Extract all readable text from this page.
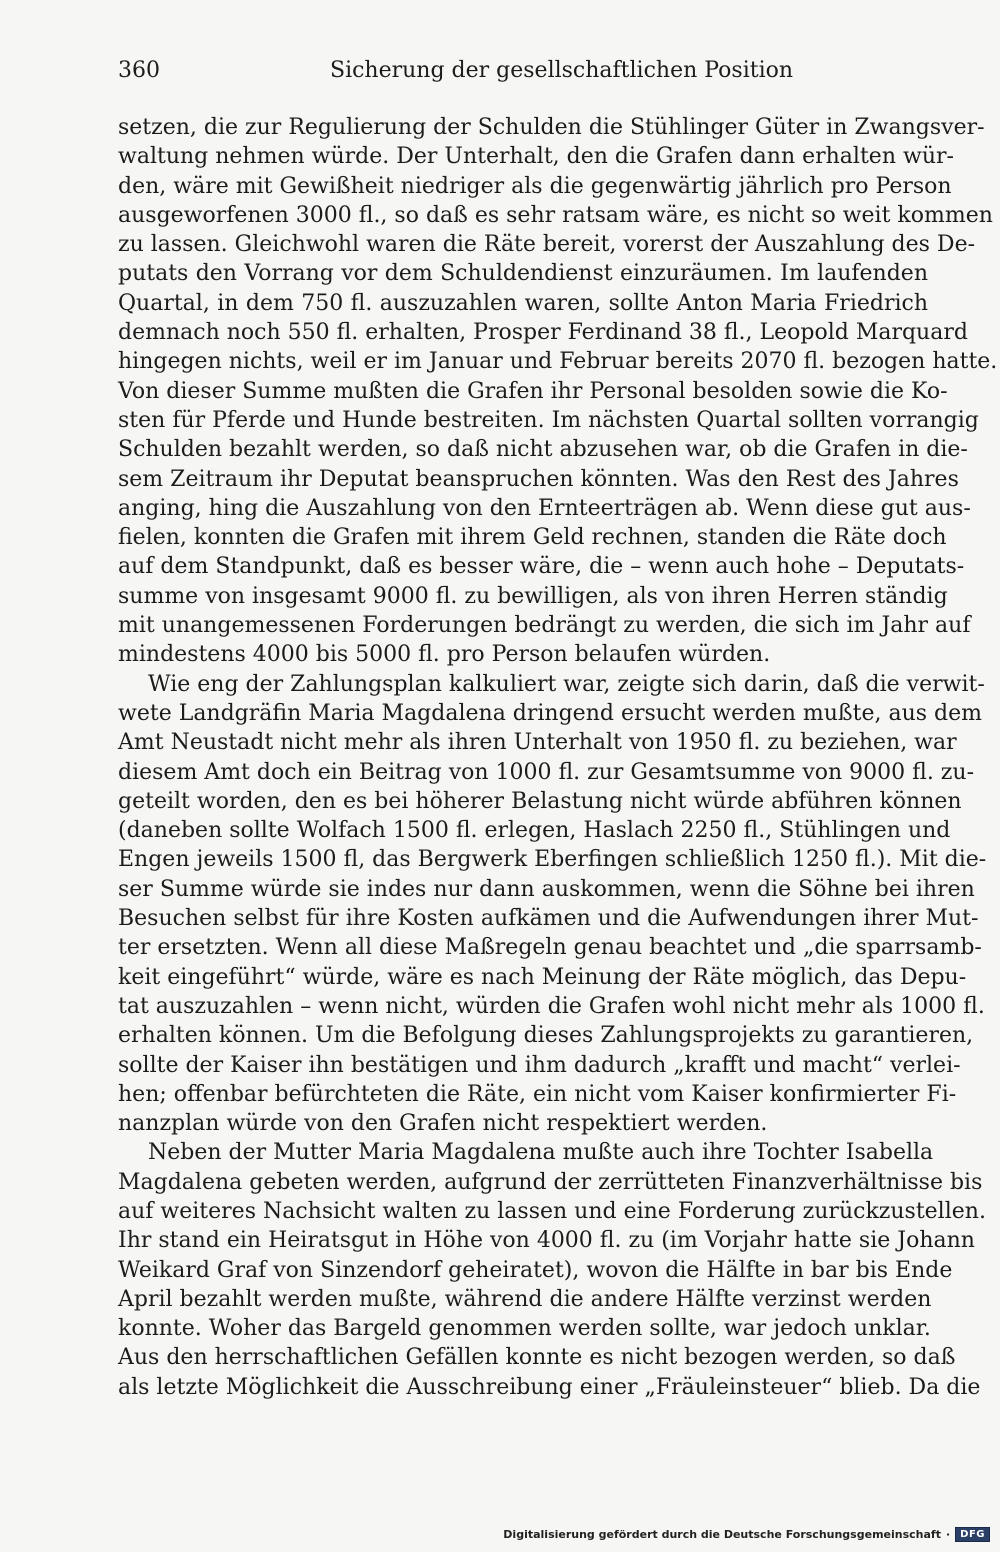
360	Sicherung der gesellschaftlichen Position
setzen, die zur Regulierung der Schulden die Stühlinger Güter in Zwangsver-
waltung nehmen würde. Der Unterhalt, den die Grafen dann erhalten wür-
den, wäre mit Gewißheit niedriger als die gegenwärtig jährlich pro Person
ausgeworfenen 3000 fl., so daß es sehr ratsam wäre, es nicht so weit kommen
zu lassen. Gleichwohl waren die Räte bereit, vorerst der Auszahlung des De-
putats den Vorrang vor dem Schuldendienst einzuräumen. Im laufenden
Quartal, in dem 750 fl. auszuzahlen waren, sollte Anton Maria Friedrich
demnach noch 550 fl. erhalten, Prosper Ferdinand 38 fl., Leopold Marquard
hingegen nichts, weil er im Januar und Februar bereits 2070 fl. bezogen hatte.
Von dieser Summe mußten die Grafen ihr Personal besolden sowie die Ko-
sten für Pferde und Hunde bestreiten. Im nächsten Quartal sollten vorrangig
Schulden bezahlt werden, so daß nicht abzusehen war, ob die Grafen in die-
sem Zeitraum ihr Deputat beanspruchen könnten. Was den Rest des Jahres
anging, hing die Auszahlung von den Ernteerträgen ab. Wenn diese gut aus-
fielen, konnten die Grafen mit ihrem Geld rechnen, standen die Räte doch
auf dem Standpunkt, daß es besser wäre, die – wenn auch hohe – Deputats-
summe von insgesamt 9000 fl. zu bewilligen, als von ihren Herren ständig
mit unangemessenen Forderungen bedrängt zu werden, die sich im Jahr auf
mindestens 4000 bis 5000 fl. pro Person belaufen würden.
Wie eng der Zahlungsplan kalkuliert war, zeigte sich darin, daß die verwit-
wete Landgräfin Maria Magdalena dringend ersucht werden mußte, aus dem
Amt Neustadt nicht mehr als ihren Unterhalt von 1950 fl. zu beziehen, war
diesem Amt doch ein Beitrag von 1000 fl. zur Gesamtsumme von 9000 fl. zu-
geteilt worden, den es bei höherer Belastung nicht würde abführen können
(daneben sollte Wolfach 1500 fl. erlegen, Haslach 2250 fl., Stühlingen und
Engen jeweils 1500 fl, das Bergwerk Eberfingen schließlich 1250 fl.). Mit die-
ser Summe würde sie indes nur dann auskommen, wenn die Söhne bei ihren
Besuchen selbst für ihre Kosten aufkämen und die Aufwendungen ihrer Mut-
ter ersetzten. Wenn all diese Maßregeln genau beachtet und „die sparrsamb-
keit eingeführt“ würde, wäre es nach Meinung der Räte möglich, das Depu-
tat auszuzahlen – wenn nicht, würden die Grafen wohl nicht mehr als 1000 fl.
erhalten können. Um die Befolgung dieses Zahlungsprojekts zu garantieren,
sollte der Kaiser ihn bestätigen und ihm dadurch „krafft und macht“ verlei-
hen; offenbar befürchteten die Räte, ein nicht vom Kaiser konfirmierter Fi-
nanzplan würde von den Grafen nicht respektiert werden.
Neben der Mutter Maria Magdalena mußte auch ihre Tochter Isabella
Magdalena gebeten werden, aufgrund der zerrütteten Finanzverhältnisse bis
auf weiteres Nachsicht walten zu lassen und eine Forderung zurückzustellen.
Ihr stand ein Heiratsgut in Höhe von 4000 fl. zu (im Vorjahr hatte sie Johann
Weikard Graf von Sinzendorf geheiratet), wovon die Hälfte in bar bis Ende
April bezahlt werden mußte, während die andere Hälfte verzinst werden
konnte. Woher das Bargeld genommen werden sollte, war jedoch unklar.
Aus den herrschaftlichen Gefällen konnte es nicht bezogen werden, so daß
als letzte Möglichkeit die Ausschreibung einer „Fräuleinsteuer“ blieb. Da die
Digitalisierung gefördert durch die Deutsche Forschungsgemeinschaft ·	DFG
